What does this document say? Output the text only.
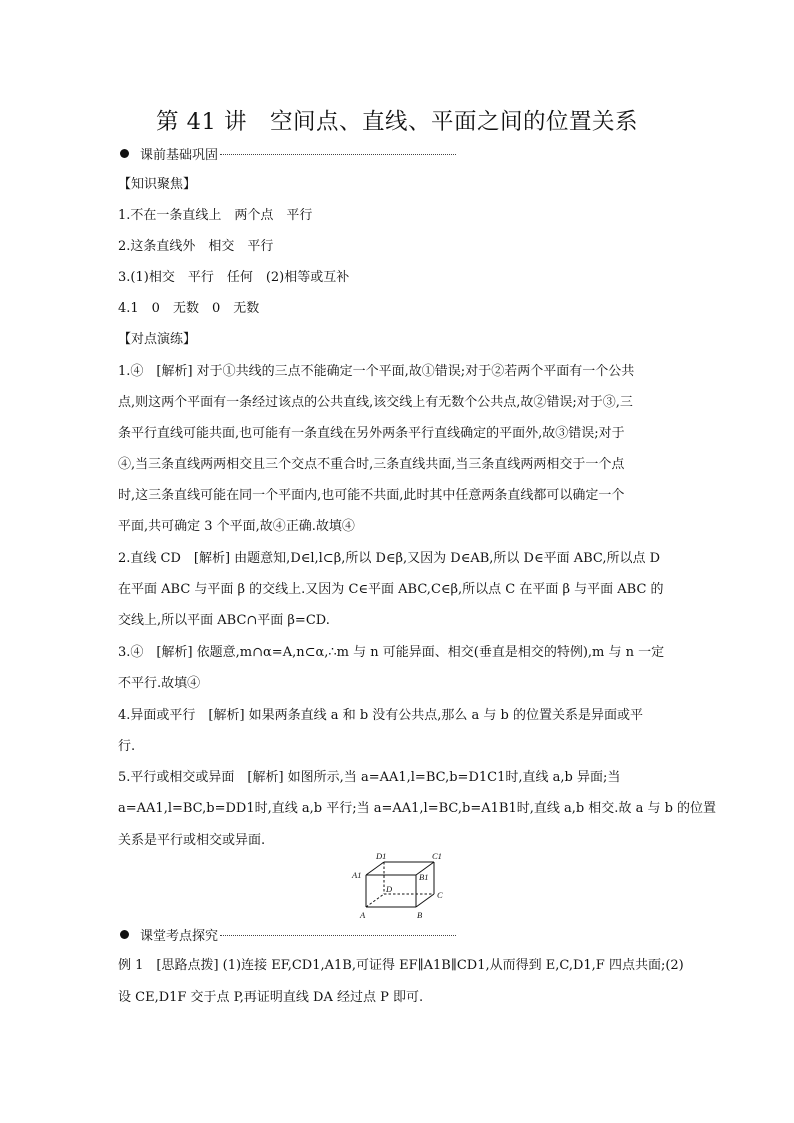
第 41 讲　空间点、直线、平面之间的位置关系
课前基础巩固
【知识聚焦】
1.不在一条直线上　两个点　平行
2.这条直线外　相交　平行
3.(1)相交　平行　任何　(2)相等或互补
4.1　0　无数　0　无数
【对点演练】
1.④　[解析] 对于①共线的三点不能确定一个平面,故①错误;对于②若两个平面有一个公共
点,则这两个平面有一条经过该点的公共直线,该交线上有无数个公共点,故②错误;对于③,三
条平行直线可能共面,也可能有一条直线在另外两条平行直线确定的平面外,故③错误;对于
④,当三条直线两两相交且三个交点不重合时,三条直线共面,当三条直线两两相交于一个点
时,这三条直线可能在同一个平面内,也可能不共面,此时其中任意两条直线都可以确定一个
平面,共可确定 3 个平面,故④正确.故填④
2.直线 CD　[解析] 由题意知,D∈l,l⊂β,所以 D∈β,又因为 D∈AB,所以 D∈平面 ABC,所以点 D
在平面 ABC 与平面 β 的交线上.又因为 C∈平面 ABC,C∈β,所以点 C 在平面 β 与平面 ABC 的
交线上,所以平面 ABC∩平面 β=CD.
3.④　[解析] 依题意,m∩α=A,n⊂α,∴m 与 n 可能异面、相交(垂直是相交的特例),m 与 n 一定
不平行.故填④
4.异面或平行　[解析] 如果两条直线 a 和 b 没有公共点,那么 a 与 b 的位置关系是异面或平
行.
5.平行或相交或异面　[解析] 如图所示,当 a=AA1,l=BC,b=D1C1时,直线 a,b 异面;当
a=AA1,l=BC,b=DD1时,直线 a,b 平行;当 a=AA1,l=BC,b=A1B1时,直线 a,b 相交.故 a 与 b 的位置
关系是平行或相交或异面.
D1	C1
A1	B1
D
C
A	B
课堂考点探究
例 1　[思路点拨] (1)连接 EF,CD1,A1B,可证得 EF∥A1B∥CD1,从而得到 E,C,D1,F 四点共面;(2)
设 CE,D1F 交于点 P,再证明直线 DA 经过点 P 即可.
